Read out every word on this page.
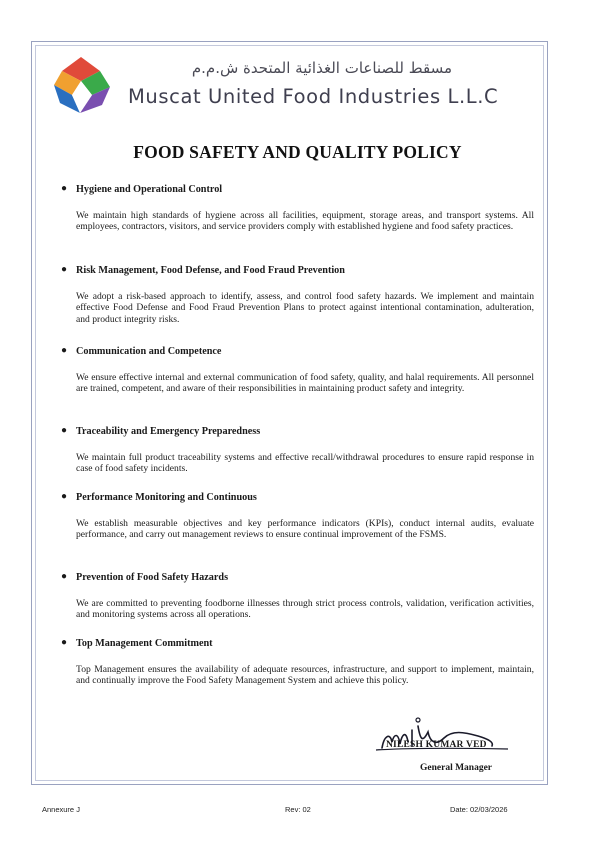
مسقط للصناعات الغذائية المتحدة ش.م.م
Muscat United Food Industries L.L.C
FOOD SAFETY AND QUALITY POLICY
● Hygiene and Operational Control
We maintain high standards of hygiene across all facilities, equipment, storage areas, and transport systems. All employees, contractors, visitors, and service providers comply with established hygiene and food safety practices.
● Risk Management, Food Defense, and Food Fraud Prevention
We adopt a risk-based approach to identify, assess, and control food safety hazards. We implement and maintain effective Food Defense and Food Fraud Prevention Plans to protect against intentional contamination, adulteration, and product integrity risks.
● Communication and Competence
We ensure effective internal and external communication of food safety, quality, and halal requirements. All personnel are trained, competent, and aware of their responsibilities in maintaining product safety and integrity.
● Traceability and Emergency Preparedness
We maintain full product traceability systems and effective recall/withdrawal procedures to ensure rapid response in case of food safety incidents.
● Performance Monitoring and Continuous
We establish measurable objectives and key performance indicators (KPIs), conduct internal audits, evaluate performance, and carry out management reviews to ensure continual improvement of the FSMS.
● Prevention of Food Safety Hazards
We are committed to preventing foodborne illnesses through strict process controls, validation, verification activities, and monitoring systems across all operations.
● Top Management Commitment
Top Management ensures the availability of adequate resources, infrastructure, and support to implement, maintain, and continually improve the Food Safety Management System and achieve this policy.
NILESH KUMAR VED
General Manager
Annexure J	Rev: 02	Date: 02/03/2026
